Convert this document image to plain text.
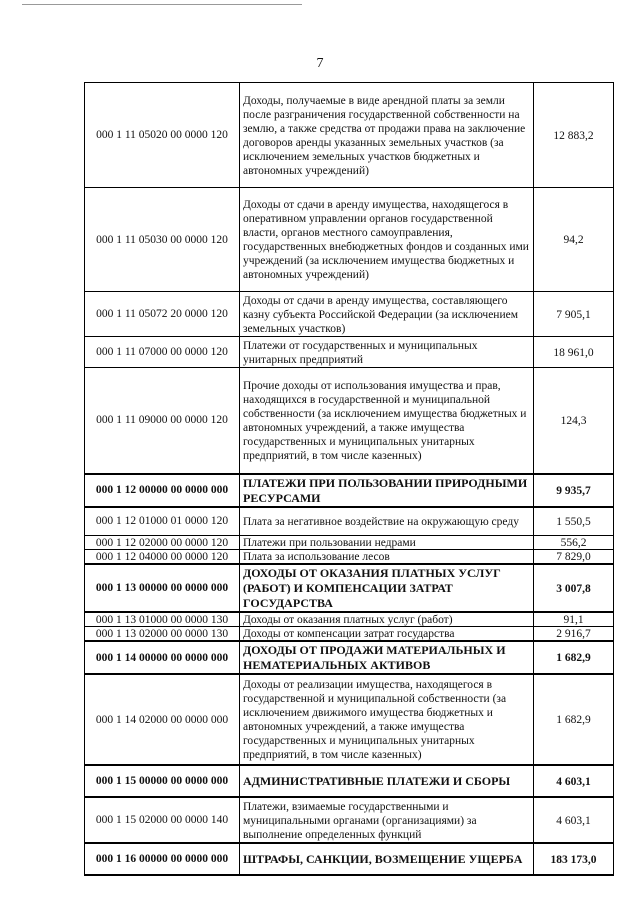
7
000 1 11 05020 00 0000 120	Доходы, получаемые в виде арендной платы за земли после разграничения государственной собственности на землю, а также средства от продажи права на заключение договоров аренды указанных земельных участков (за исключением земельных участков бюджетных и автономных учреждений)	12 883,2
000 1 11 05030 00 0000 120	Доходы от сдачи в аренду имущества, находящегося в оперативном управлении органов государственной власти, органов местного самоуправления, государственных внебюджетных фондов и созданных ими учреждений (за исключением имущества бюджетных и автономных учреждений)	94,2
000 1 11 05072 20 0000 120	Доходы от сдачи в аренду имущества, составляющего казну субъекта Российской Федерации (за исключением земельных участков)	7 905,1
000 1 11 07000 00 0000 120	Платежи от государственных и муниципальных унитарных предприятий	18 961,0
000 1 11 09000 00 0000 120	Прочие доходы от использования имущества и прав, находящихся в государственной и муниципальной собственности (за исключением имущества бюджетных и автономных учреждений, а также имущества государственных и муниципальных унитарных предприятий, в том числе казенных)	124,3
000 1 12 00000 00 0000 000	ПЛАТЕЖИ ПРИ ПОЛЬЗОВАНИИ ПРИРОДНЫМИ РЕСУРСАМИ	9 935,7
000 1 12 01000 01 0000 120	Плата за негативное воздействие на окружающую среду	1 550,5
000 1 12 02000 00 0000 120	Платежи при пользовании недрами	556,2
000 1 12 04000 00 0000 120	Плата за использование лесов	7 829,0
000 1 13 00000 00 0000 000	ДОХОДЫ ОТ ОКАЗАНИЯ ПЛАТНЫХ УСЛУГ (РАБОТ) И КОМПЕНСАЦИИ ЗАТРАТ ГОСУДАРСТВА	3 007,8
000 1 13 01000 00 0000 130	Доходы от оказания платных услуг (работ)	91,1
000 1 13 02000 00 0000 130	Доходы от компенсации затрат государства	2 916,7
000 1 14 00000 00 0000 000	ДОХОДЫ ОТ ПРОДАЖИ МАТЕРИАЛЬНЫХ И НЕМАТЕРИАЛЬНЫХ АКТИВОВ	1 682,9
000 1 14 02000 00 0000 000	Доходы от реализации имущества, находящегося в государственной и муниципальной собственности (за исключением движимого имущества бюджетных и автономных учреждений, а также имущества государственных и муниципальных унитарных предприятий, в том числе казенных)	1 682,9
000 1 15 00000 00 0000 000	АДМИНИСТРАТИВНЫЕ ПЛАТЕЖИ И СБОРЫ	4 603,1
000 1 15 02000 00 0000 140	Платежи, взимаемые государственными и муниципальными органами (организациями) за выполнение определенных функций	4 603,1
000 1 16 00000 00 0000 000	ШТРАФЫ, САНКЦИИ, ВОЗМЕЩЕНИЕ УЩЕРБА	183 173,0
